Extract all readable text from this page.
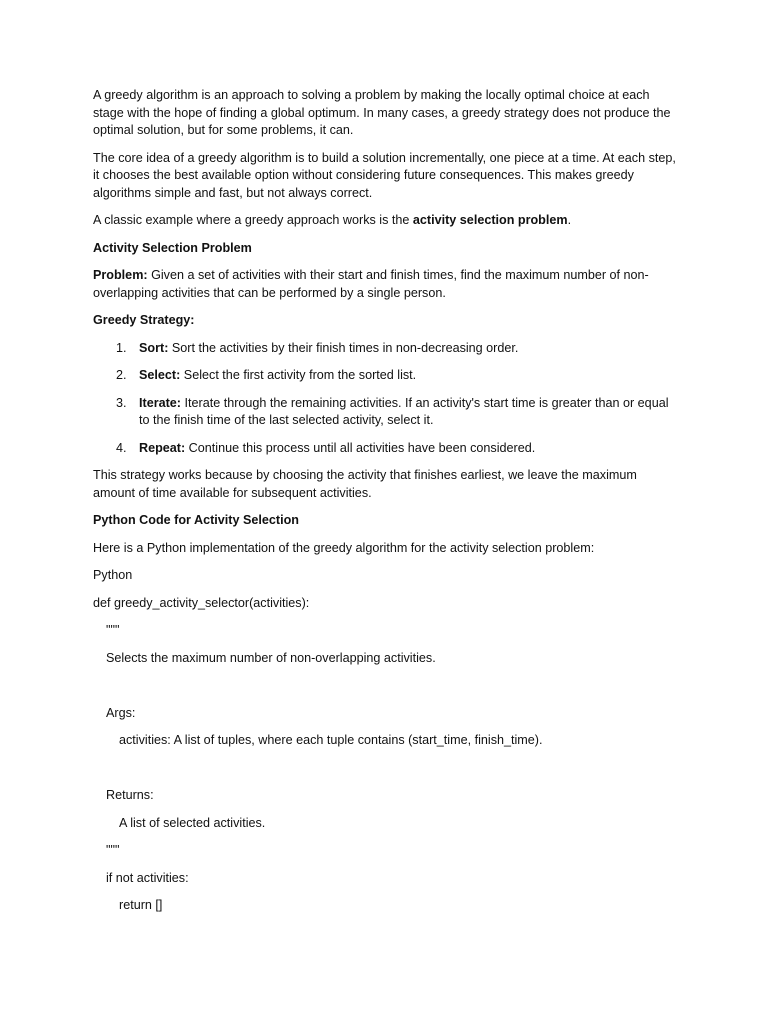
A greedy algorithm is an approach to solving a problem by making the locally optimal choice at each stage with the hope of finding a global optimum. In many cases, a greedy strategy does not produce the optimal solution, but for some problems, it can.

The core idea of a greedy algorithm is to build a solution incrementally, one piece at a time. At each step, it chooses the best available option without considering future consequences. This makes greedy algorithms simple and fast, but not always correct.

A classic example where a greedy approach works is the activity selection problem.

Activity Selection Problem

Problem: Given a set of activities with their start and finish times, find the maximum number of non-overlapping activities that can be performed by a single person.

Greedy Strategy:

1. Sort: Sort the activities by their finish times in non-decreasing order.
2. Select: Select the first activity from the sorted list.
3. Iterate: Iterate through the remaining activities. If an activity's start time is greater than or equal to the finish time of the last selected activity, select it.
4. Repeat: Continue this process until all activities have been considered.

This strategy works because by choosing the activity that finishes earliest, we leave the maximum amount of time available for subsequent activities.

Python Code for Activity Selection

Here is a Python implementation of the greedy algorithm for the activity selection problem:

Python

def greedy_activity_selector(activities):
"""
Selects the maximum number of non-overlapping activities.
Args:
activities: A list of tuples, where each tuple contains (start_time, finish_time).
Returns:
A list of selected activities.
"""
if not activities:
return []
